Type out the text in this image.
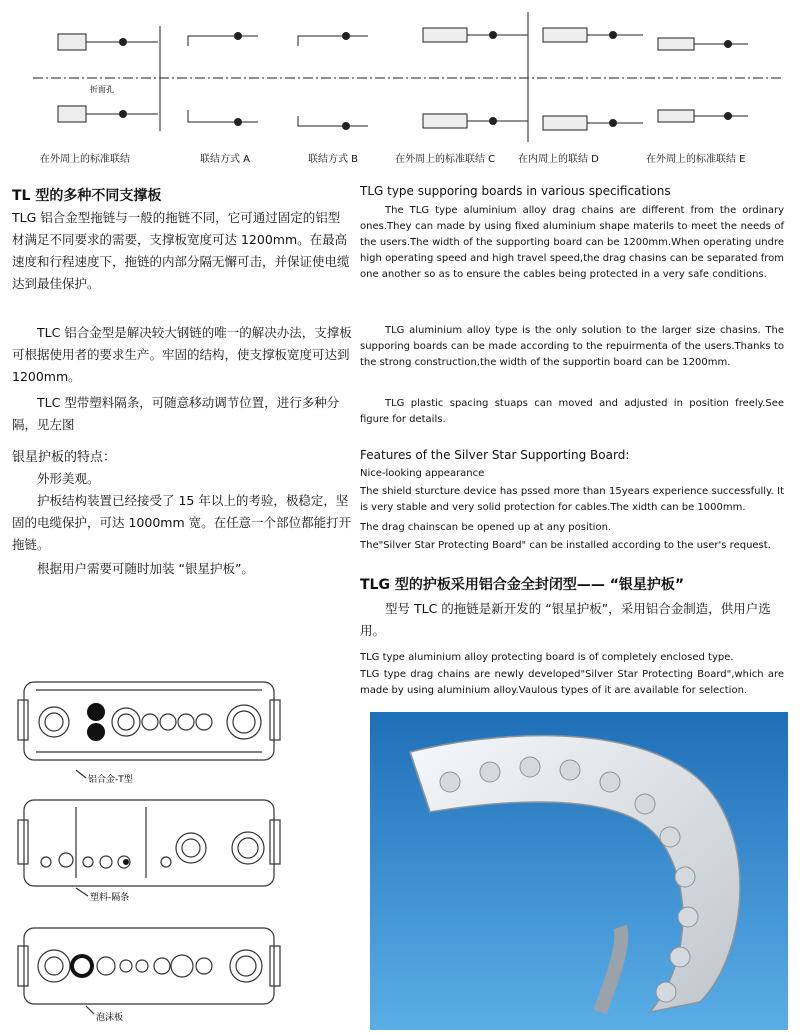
折面孔
在外周上的标准联结	联结方式 A	联结方式 B	在外周上的标准联结 C 在内周上的联结 D	在外周上的标准联结 E
TL 型的多种不同支撑板
TLG 铝合金型拖链与一般的拖链不同，它可通过固定的铝型材满足不同要求的需要，支撑板宽度可达 1200mm。在最高速度和行程速度下，拖链的内部分隔无懈可击，并保证使电缆达到最佳保护。
TLC 铝合金型是解决较大钢链的唯一的解决办法，支撑板可根据使用者的要求生产。牢固的结构，使支撑板宽度可达到 1200mm。
TLC 型带塑料隔条，可随意移动调节位置，进行多种分隔，见左图
银星护板的特点：
外形美观。
护板结构装置已经接受了 15 年以上的考验，极稳定，坚固的电缆保护，可达 1000mm 宽。在任意一个部位都能打开拖链。
根据用户需要可随时加装 “银星护板”。
铝合金-T型
塑料-隔条
泡沫板
TLG type supporing boards in various specifications
The TLG type aluminium alloy drag chains are different from the ordinary ones.They can made by using fixed aluminium shape materils to meet the needs of the users.The width of the supporting board can be 1200mm.When operating undre high operating speed and high travel speed,the drag chasins can be separated from one another so as to ensure the cables being protected in a very safe conditions.
TLG aluminium alloy type is the only solution to the larger size chasins. The supporing boards can be made according to the repuirmenta of the users.Thanks to the strong construction,the width of the supportin board can be 1200mm.
TLG plastic spacing stuaps can moved and adjusted in position freely.See figure for details.
Features of the Silver Star Supporting Board:
Nice-looking appearance
The shield sturcture device has pssed more than 15years experience successfully. It is very stable and very solid protection for cables.The xidth can be 1000mm.
The drag chainscan be opened up at any position.
The"Silver Star Protecting Board" can be installed according to the user's request.
TLG 型的护板采用铝合金全封闭型—— “银星护板”
型号 TLC 的拖链是新开发的 “银星护板”，采用铝合金制造，供用户选用。
TLG type aluminium alloy protecting board is of completely enclosed type.
TLG type drag chains are newly developed"Silver Star Protecting Board",which are made by using aluminium alloy.Vaulous types of it are available for selection.
